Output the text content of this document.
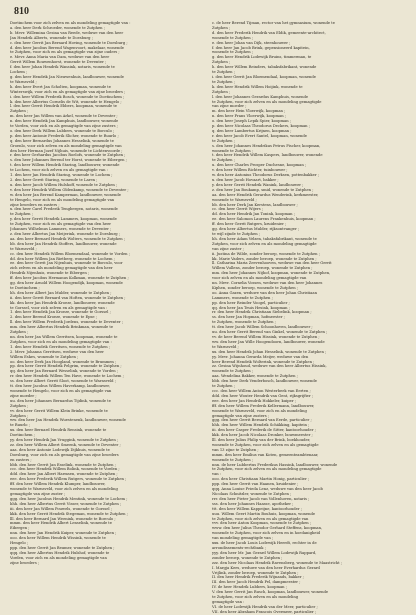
810
Doetinchem voor zich zelven en als mondeling gemagtigde van :
a. den heer Derk Schroeder, wonende te Zutphen ;
b. Mevr. Willemina Gesina van Reede, weduwe van den heer
Jan Hendrik Alberts, wonende te Doesburg ;
c. den heer Gerrit Jan Bernard Hoving, wonende te Doesburg ;
d. den heer Jacobus Berend Wagenvoort, makelaar, wonende
te Zutphen, voor zich en als gemagtigde van zijne ouders ;
e. Mevr. Anna Maria van Dam, weduwe van den heer
Gerrit Willem Rouwenhorst, wonende te Deventer ;
f. den heer Johan Hendrik Wansink, notaris, wonende te
Lochem ;
g. den heer Hendrik Jan Nieuwenhuis, landbouwer, wonende
te Warnsveld ;
h. den heer Evert Jan Scholten, koopman, wonende te
Winterswijk, voor zich en als gemagtigde van zijne broeders ;
i. den heer Willem Frederik Bosch, wonende te Doetinchem ;
k. den heer Albertus Cornelis de Wit, wonende te Hengelo ;
l. den heer Gerrit Hendrik Ebbers, koopman, wonende te
Zutphen ;
m. den heer Jan Willem van Arkel, wonende te Deventer ;
n. den heer Hendrik Jan Kamphuis, landbouwer, wonende
te Vorden, voor zich en als gemagtigde van zijne zusters ;
o. den heer Derk Willem Lubbers, wonende te Borculo ;
p. den heer Antonie Frederik Slicher, wonende te Ruurlo ;
q. den heer Bernardus Johannes Hesselink, wonende te
Groenlo, voor zich zelven en als mondeling gemagtigde van
den heer Herman Jozef Nijhuis, wonende te Lichtenvoorde ;
r. den heer Gerhardus Jacobus Roelofs, wonende te Zutphen ;
s. den heer Johannes Berend ter Horst, wonende te Eibergen ;
t. den heer Willem Hendrik Staring, landbouwer, wonende
te Lochem, voor zich zelven en als gemagtigde van :
1. den heer Jan Hendrik Staring, wonende te Lochem ;
2. den heer Gerrit Staring, wonende te Laren ;
u. den heer Jacob Willem Hulshoff, wonende te Zutphen ;
v. den heer Hendrik Willem Oldenkamp, wonende te Deventer ;
w. den heer Jan Berend Kamperman, landbouwer, wonende
te Hengelo, voor zich en als mondeling gemagtigde van
zijne broeders en zusters ;
x. den heer Carel Frederik Tengbergen, notaris, wonende
te Zutphen ;
y. den heer Gerrit Hendrik Lammers, koopman, wonende
te Zutphen, voor zich en als gemagtigde van den heer
Johannes Wilhelmus Lammers, wonende te Deventer ;
z. den heer Albertus Jan Meijerink, wonende te Doesburg ;
aa. den heer Bernard Hendrik Wolters, wonende te Zutphen ;
bb. den heer Jan Hendrik Stoffers, landbouwer, wonende
te Warnsveld ;
cc. den heer Hendrik Willem Bloemendaal, wonende te Vorden ;
dd. den heer Willem Jan Rietberg, wonende te Lochem ;
ee. den heer Gerrit Jan Nijenhuis, wonende te Borculo, voor
zich zelven en als mondeling gemagtigde van den heer
Hendrik Nijenhuis, wonende te Eibergen ;
ff. den heer Jacobus Hermanus Kolkman, wonende te Zutphen ;
gg. den heer Arnold Willem Hoogendijk, koopman, wonende
te Doetinchem ;
hh. den heer Albert Jan Mulder, wonende te Zutphen ;
ii. den heer Gerrit Bernard van Hoften, wonende te Zutphen ;
kk. den heer Jan Hendrik Kroeze, landbouwer, wonende
te Gorssel, voor zich zelven en als gemagtigde van :
1. den heer Hendrik Jan Kroeze, wonende te Gorssel ;
2. den heer Berend Kroeze, wonende te Epse ;
ll. den heer Willem Frederik Jordens, wonende te Deventer ;
mm. den heer Albertus Hendrik Brinkman, wonende te
Zutphen ;
nn. den heer Jan Willem Gerritsen, koopman, wonende te
Zutphen, voor zich en als mondeling gemagtigde van :
1. den heer Hendrik Gerritsen, wonende te Zutphen ;
2. Mevr. Johanna Gerritsen, weduwe van den heer
Willem Eskes, wonende te Zutphen ;
oo. den heer Derk Jan Hoogland, wonende te Brummen ;
pp. den heer Gerrit Hendrik Pelgrim, wonende te Zutphen ;
qq. den heer Jan Bernard Wesselink, wonende te Vorden ;
rr. den heer Hendrik Willem Ten Have, wonende te Lochem ;
ss. den heer Albert Gerrit Sloot, wonende te Warnsveld ;
tt. den heer Jacobus Willem Haverkamp, landbouwer,
wonende te Hengelo, voor zich en als gemagtigde van
zijne moeder ;
uu. den heer Johannes Bernardus Tijdink, wonende te
Zutphen ;
vv. den heer Gerrit Willem Klein Brinke, wonende te
Zutphen ;
ww. den heer Jan Hendrik Wuestenenk, landbouwer, wonende
te Ruurlo ;
xx. den heer Bernard Hendrik Rensink, wonende te
Doetinchem ;
yy. den heer Hendrik Jan Vruggink, wonende te Zutphen ;
zz. den heer Willem Albert Smeenk, wonende te Deventer ;
aaa. den heer Antonie Lodewijk Dijkhuis, wonende te
Doesburg, voor zich en als gemagtigde van zijne broeders
en zusters ;
bbb. den heer Gerrit Jan Esselink, wonende te Zutphen ;
ccc. den heer Hendrik Willem Bolink, wonende te Vorden ;
ddd. den heer Jan Albert Harmsen, wonende te Zutphen ;
eee. den heer Frederik Willem Rutgers, wonende te Zutphen ;
fff. den heer Willem Hendrik Klumper, landbouwer,
wonende te Warnsveld, voor zich zelven en als mondeling
gemagtigde van zijne zuster ;
ggg. den heer Jacobus Hendrik Mentink, wonende te Lochem ;
hhh. den heer Albertus Gerrit Visser, wonende te Zutphen ;
iii. den heer Jan Willem Pouwels, wonende te Gorssel ;
kkk. den heer Gerrit Hendrik Stegeman, wonende te Zutphen ;
lll. den heer Bernard Jan Weenink, wonende te Borculo ;
mmm. den heer Hendrik Albert Lenselink, wonende te
Eibergen ;
nnn. den heer Jan Hendrik Kuiper, wonende te Zutphen ;
ooo. den heer Willem Hendrik Wissink, wonende te
Hengelo ;
ppp. den heer Gerrit Jan Beumer, wonende te Zutphen ;
qqq. den heer Albertus Hendrik Hulshof, wonende te
Vorden, voor zich en als mondeling gemagtigde van
zijne broeders ;
c. de heer Berend Tijman, rector van het gymnasium, wonende te
Zutphen ;
d. den heer Frederik Hendrik van Eldik, gemeente-architect,
wonende te Zutphen ;
e. den heer Johan van Dijk, steenhouwer ;
f. den heer Jan Jacob Brink, gepensioneerd kapitein,
wonende te Zutphen ;
g. den heer Hendrik Lodewijk Bruins, timmerman, te
Zutphen ;
h. den heer Willem Reinders, tabaksfabrikant, wonende
te Zutphen ;
i. den heer Gerrit Jan Bloemendaal, koopman, wonende
te Zutphen ;
k. den heer Hendrik Willem Hoijink, wonende te
Zutphen ;
l. den heer Johannes Gerardus Kamphuis, wonende
te Zutphen, voor zich zelven en als mondeling gemagtigde
van zijne moeder ;
m. den heer Hein Vloerwijk, koopman ;
n. den heer Frans Vloerwijk, koopman ;
o. den heer Joseph Lepik Spier, koopman ;
p. den heer Nicolaas Theodorus Deckers, koopman ;
q. den heer Lambertus Krijnen, koopman ;
r. den heer Jacob Evert Santel, koopman, wonende
te Zutphen ;
s. den heer Johannes Hendrikus Petrus Fischer, koopman,
wonende te Zutphen ;
t. den heer Hendrik Willem Kaspers, landbouwer, wonende
te Zutphen ;
u. den heer Charles Prosper Duchesne, koopman ;
v. den heer Willem Richter, tuinbouwer ;
w. den heer Antonius Theodorus Derksen, pottenbakker ;
x. den heer Jacob Hovaart, bakker ;
y. den heer Gerrit Hendrik Wanink, landbouwer ;
z. den heer Jan Boukamp, smid, wonende te Zutphen ;
aa. den heer Hendrik Gerardus Wenderink, kerkmeester,
wonende te Warnsveld ;
bb. den heer Derk Jan Kerstens, landbouwer ;
cc. den heer Gerrit Wijers ;
dd. den heer Hendrik Jan Tonink, koopman ;
ee. den heer Salomon Laurens Frankenhuis, koopman ;
ff. den heer Gerrit Rutgers, kruidenier ;
gg. den heer Albertus Mulder, rijksontvanger ;
te wijl zijnde te Zutphen ;
hh. den heer Adam Velzen, tabaksfabrikant, wonende te
Zutphen, voor zich zelven en als mondeling gemagtigde
van zijne zuster ;
ii. Justina de Wilde, zonder beroep, wonende te Zutphen ;
kk. Marie Vaders, zonder beroep, wonende te Zutphen ;
ll. Catharina Maria Zeevenhooven, weduwe van den heer Gerrit
Willem Vullens, zonder beroep, wonende te Zutphen ;
mm. den heer Johannes Nijhof, koopman, wonende te Zutphen,
voor zich zelven en als mondeling gemagtigde van
nn. Mevr. Cornelia Vossen, weduwe van den heer Johannes
Kiphen, zonder beroep, wonende te Zutphen ;
oo. Anna Gazen, weduwe van den heer Johan Christiaan
Lammers, wonende te Zutphen ;
pp. den heer Reinder Voogel, particulier ;
qq. den heer Jan Teuis Hesink, koopman ;
rr. den heer Hendrik Christiaan Siebelink, koopman ;
ss. den heer Jan Hopman, hofmeester ;
te Zutphen, wonende te Zutphen ;
tt. den heer Jacob Willem Schoonhoven, landbouwer ;
uu. den heer Gerrit Berend van Ginkel, wonende te Zutphen ;
vv. de heer Berend Willem Hissink, wonende te Zutphen ;
ww. den heer Jan Wille Hoogendoorn, landbouwer, wonende
te Warnsveld ;
xx. den heer Hendrik Johan Hesselink, wonende te Zutphen ;
yy. Mevr. Johanna Gerarda Meijer, weduwe van den
heer Berend Hendrik Wolterink, wonende te Zutphen ;
zz. Gesina Wijnhoud, weduwe van den heer Albertus Hissink,
wonende te Zutphen ;
aaa. Wendelina Bakker, wonende te Zutphen ;
bbb. den heer Derk Venderbosch, landbouwer, wonende
te Zutphen ;
ccc. den heer Willem Anton Westerbeek van Eerten ;
ddd. den heer Wouter Hendrik van Gent, rijksgrijfier ;
eee. den heer Jan Hendrik Hokkeler, kuiper ;
fff. den heer Willem Frederik Kellermann, landbouwer,
wonende te Warnsveld, voor zich en als mondeling
gemagtigde van zijne zusters ;
ggg. den heer Gerrit Bernard van Eerde, particulier ;
hhh. den heer Willem Hendrik Schäkking, kapitein ;
iii. den heer Casper Frederik de Sitter, kantoorhouder ;
kkk. den heer Jacob Nicolaas Dronker, bouwmeester ;
lll. den heer Julius Philip van der Brink, boekhouder,
wonende te Zutphen, voor zich zelven en als gemagtigde
van 13 zijne te Zutphen ;
mmm. den heer Emilius van Koten, gemeenteambtenaar,
wonende te Zutphen ;
nnn. de heer Lubbertus Frederikus Hassink, landbouwer, wonende
te Zutphen, voor zich zelven en als mondeling gemagtigde
van :
ooo. den heer Christiaan Martin Honig, particulier ;
ppp. den heer Gerrit van Haanen, kruidenier ;
qqq. Anna Louise Frieda Lenz, weduwe van den heer Jacob
Nicolaas Schnitzler, wonende te Zutphen ;
rrr. den heer Pieter Jacob van Vollenhoven, notaris ;
sss. den heer Johannes Haasse, apotheker ;
ttt. den heer Willem Kappeijne, kantoorhouder ;
uuu. Willem Geert Martin Bouhuis, koopman, wonende
te Zutphen, voor zich zelven en als gemagtigde van
vvv. den heer Anton Koopman, wonende te Zutphen ;
www. den heer Julius Theodor Gerhard Steffens, koopman,
wonende te Zutphen, voor zich zelven en in hoedanigheid
van mondeling gemagtigde van ;
xxx. de heer Jacob Louis Lodewijk Heerdt, rechter in de
arrondissements-rechtbank ;
yyy. den heer Mr. Jan Gerard Willem Lodewijk Rappard,
zonder beroep, wonende te Zutphen ;
zzz. den heer Nicolaas Hendrik Ravensberg, wonende te Maastricht ;
I. Margja Kees, weduwe van den heer Everhardus Gerard
Vrijlink, zonder beroep, wonende te Zutphen ;
II. den heer Hendrik Frederik Wijnands, bakker ;
III. den heer Jacob Hendrik Pel, dampmeester ;
IV. de heer Hendrik Lubbers, koopman ;
V. den heer Gerrit Jan Rusch, koopman, landbouwer, wonende
te Zutphen, voor zich zelven en als mondeling
gemagtigde van :
VI. de heer Lodewijk Hendrik van der Meer, particulier ;
VII. den heer Abraham Francois Overmeer, particulier ;
